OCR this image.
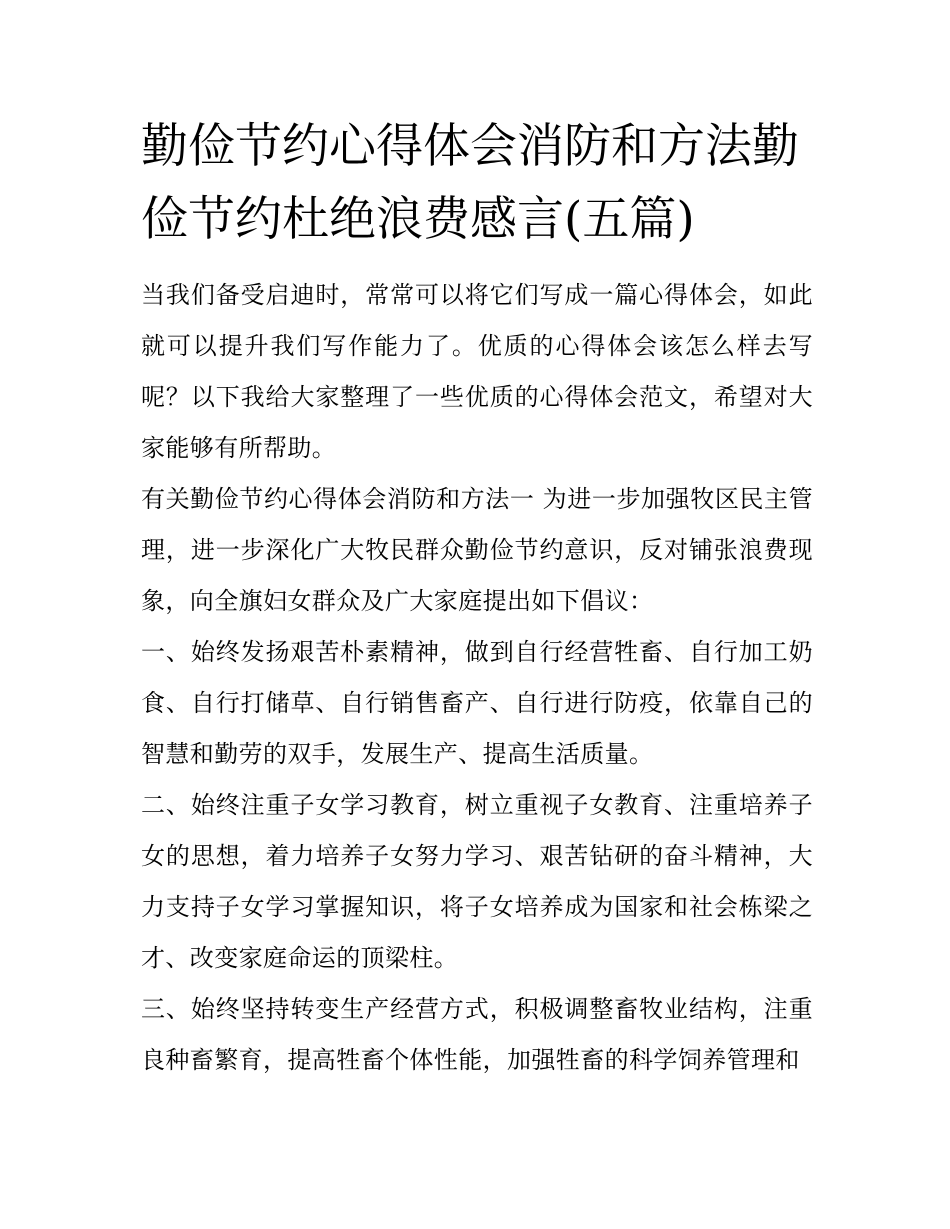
勤俭节约心得体会消防和方法勤俭节约杜绝浪费感言(五篇)

当我们备受启迪时，常常可以将它们写成一篇心得体会，如此就可以提升我们写作能力了。优质的心得体会该怎么样去写呢？以下我给大家整理了一些优质的心得体会范文，希望对大家能够有所帮助。

有关勤俭节约心得体会消防和方法一 为进一步加强牧区民主管理，进一步深化广大牧民群众勤俭节约意识，反对铺张浪费现象，向全旗妇女群众及广大家庭提出如下倡议：

一、始终发扬艰苦朴素精神，做到自行经营牲畜、自行加工奶食、自行打储草、自行销售畜产、自行进行防疫，依靠自己的智慧和勤劳的双手，发展生产、提高生活质量。

二、始终注重子女学习教育，树立重视子女教育、注重培养子女的思想，着力培养子女努力学习、艰苦钻研的奋斗精神，大力支持子女学习掌握知识，将子女培养成为国家和社会栋梁之才、改变家庭命运的顶梁柱。

三、始终坚持转变生产经营方式，积极调整畜牧业结构，注重良种畜繁育，提高牲畜个体性能，加强牲畜的科学饲养管理和
